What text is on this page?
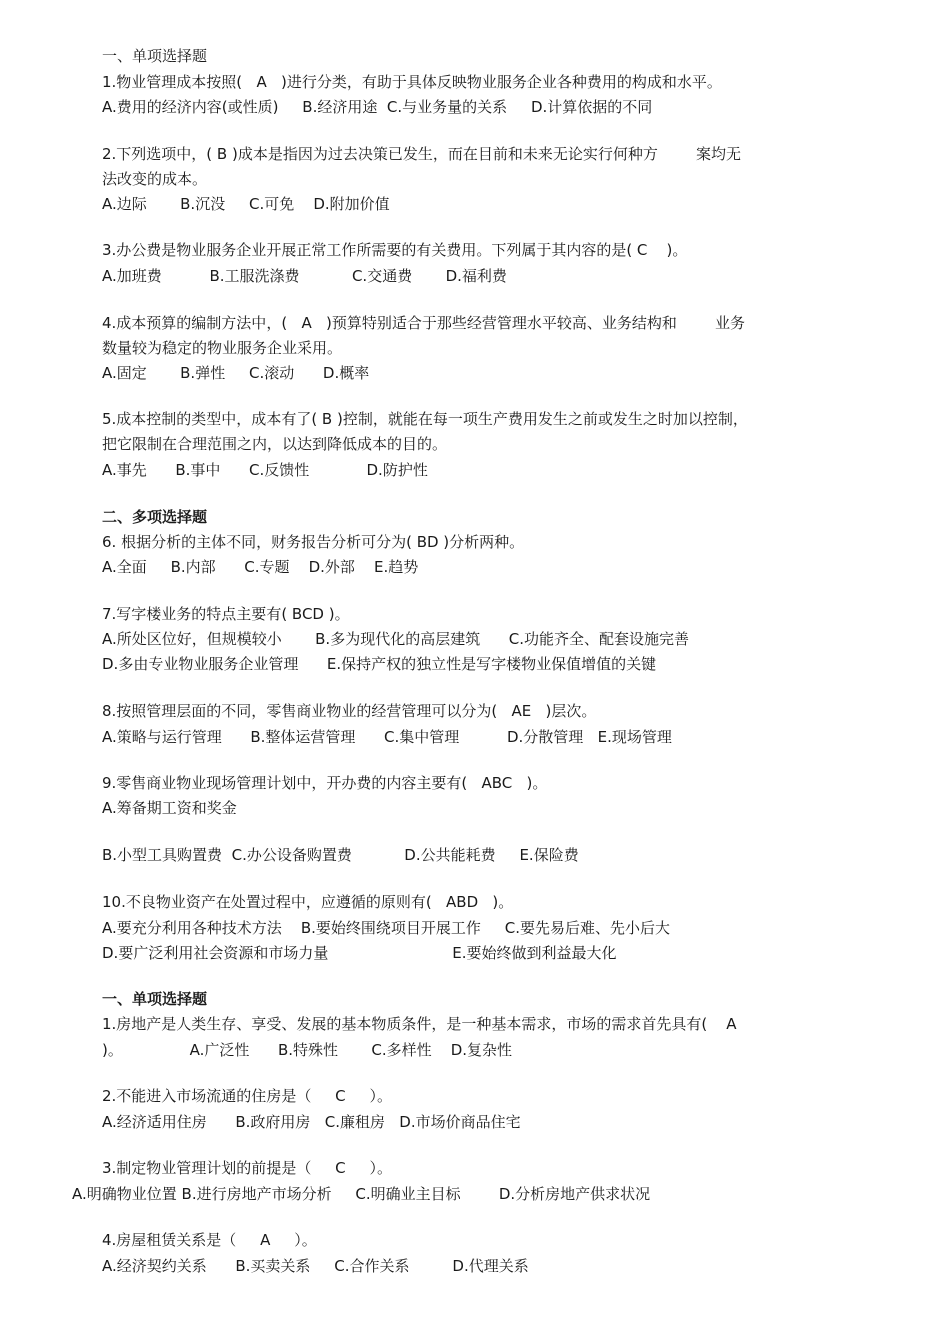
一、单项选择题
1.物业管理成本按照(   A   )进行分类，有助于具体反映物业服务企业各种费用的构成和水平。
A.费用的经济内容(或性质)     B.经济用途  C.与业务量的关系     D.计算依据的不同
2.下列选项中，( B )成本是指因为过去决策已发生，而在目前和未来无论实行何种方        案均无
法改变的成本。
A.边际       B.沉没     C.可免    D.附加价值
3.办公费是物业服务企业开展正常工作所需要的有关费用。下列属于其内容的是( C    )。
A.加班费          B.工服洗涤费           C.交通费       D.福利费
4.成本预算的编制方法中，(   A   )预算特别适合于那些经营管理水平较高、业务结构和        业务
数量较为稳定的物业服务企业采用。
A.固定       B.弹性     C.滚动      D.概率
5.成本控制的类型中，成本有了( B )控制，就能在每一项生产费用发生之前或发生之时加以控制，
把它限制在合理范围之内，以达到降低成本的目的。
A.事先      B.事中      C.反馈性            D.防护性
二、多项选择题
6. 根据分析的主体不同，财务报告分析可分为( BD )分析两种。
A.全面     B.内部      C.专题    D.外部    E.趋势
7.写字楼业务的特点主要有( BCD )。
A.所处区位好，但规模较小       B.多为现代化的高层建筑      C.功能齐全、配套设施完善
D.多由专业物业服务企业管理      E.保持产权的独立性是写字楼物业保值增值的关键
8.按照管理层面的不同，零售商业物业的经营管理可以分为(   AE   )层次。
A.策略与运行管理      B.整体运营管理      C.集中管理          D.分散管理   E.现场管理
9.零售商业物业现场管理计划中，开办费的内容主要有(   ABC   )。
A.筹备期工资和奖金
B.小型工具购置费  C.办公设备购置费           D.公共能耗费     E.保险费
10.不良物业资产在处置过程中，应遵循的原则有(   ABD   )。
A.要充分利用各种技术方法    B.要始终围绕项目开展工作     C.要先易后难、先小后大
D.要广泛利用社会资源和市场力量                          E.要始终做到利益最大化
一、单项选择题
1.房地产是人类生存、享受、发展的基本物质条件，是一种基本需求，市场的需求首先具有(    A
)。              A.广泛性      B.特殊性       C.多样性    D.复杂性
2.不能进入市场流通的住房是（     C     ）。
A.经济适用住房      B.政府用房   C.廉租房   D.市场价商品住宅
3.制定物业管理计划的前提是（     C     ）。
A.明确物业位置 B.进行房地产市场分析     C.明确业主目标        D.分析房地产供求状况
4.房屋租赁关系是（     A     ）。
A.经济契约关系      B.买卖关系     C.合作关系         D.代理关系
